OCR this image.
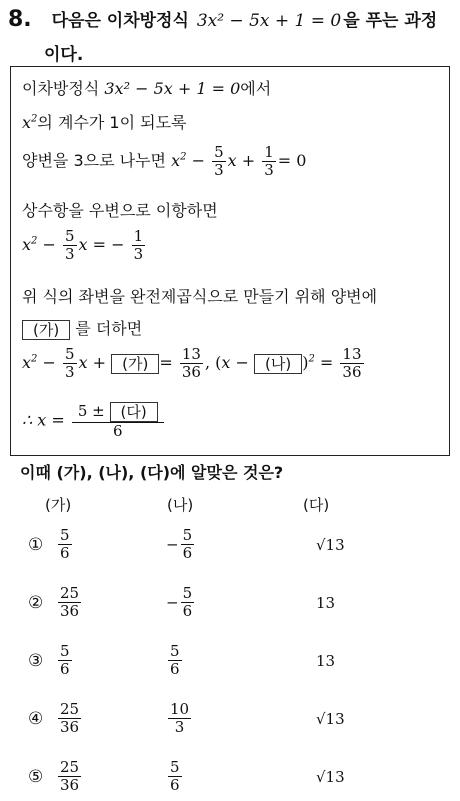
8. 다음은 이차방정식 3x² − 5x + 1 = 0 을 푸는 과정
이다.
이차방정식 3x² − 5x + 1 = 0에서
$x^2$의 계수가 1이 되도록
양변을 3으로 나누면 $x^2 - \frac{5}{3}$ $x + \frac{1}{3} = 0$
상수항을 우변으로 이항하면
$x^2 - \frac{5}{3}$ x = − $\frac{1}{3}$
위 식의 좌변을 완전제곱식으로 만들기 위해 양변에
(가) 를 더하면
$x^2 - \frac{5}{3}$ x + (가) = $\frac{13}{36}$ , (x − (나) )$^2 = \frac{13}{36}$
∴ $x = \frac{\text{5 ± (다)}}{6}$
이때 (가), (나), (다)에 알맞은 것은?
(가)	(나)	(다)
① $\frac{5}{6}$	− $\frac{5}{6}$	√13
② $\frac{25}{36}$	− $\frac{5}{6}$	13
③ $\frac{5}{6}$	$\frac{5}{6}$	13
④ $\frac{25}{36}$	$\frac{10}{3}$	√13
⑤ $\frac{25}{36}$	$\frac{5}{6}$	√13
